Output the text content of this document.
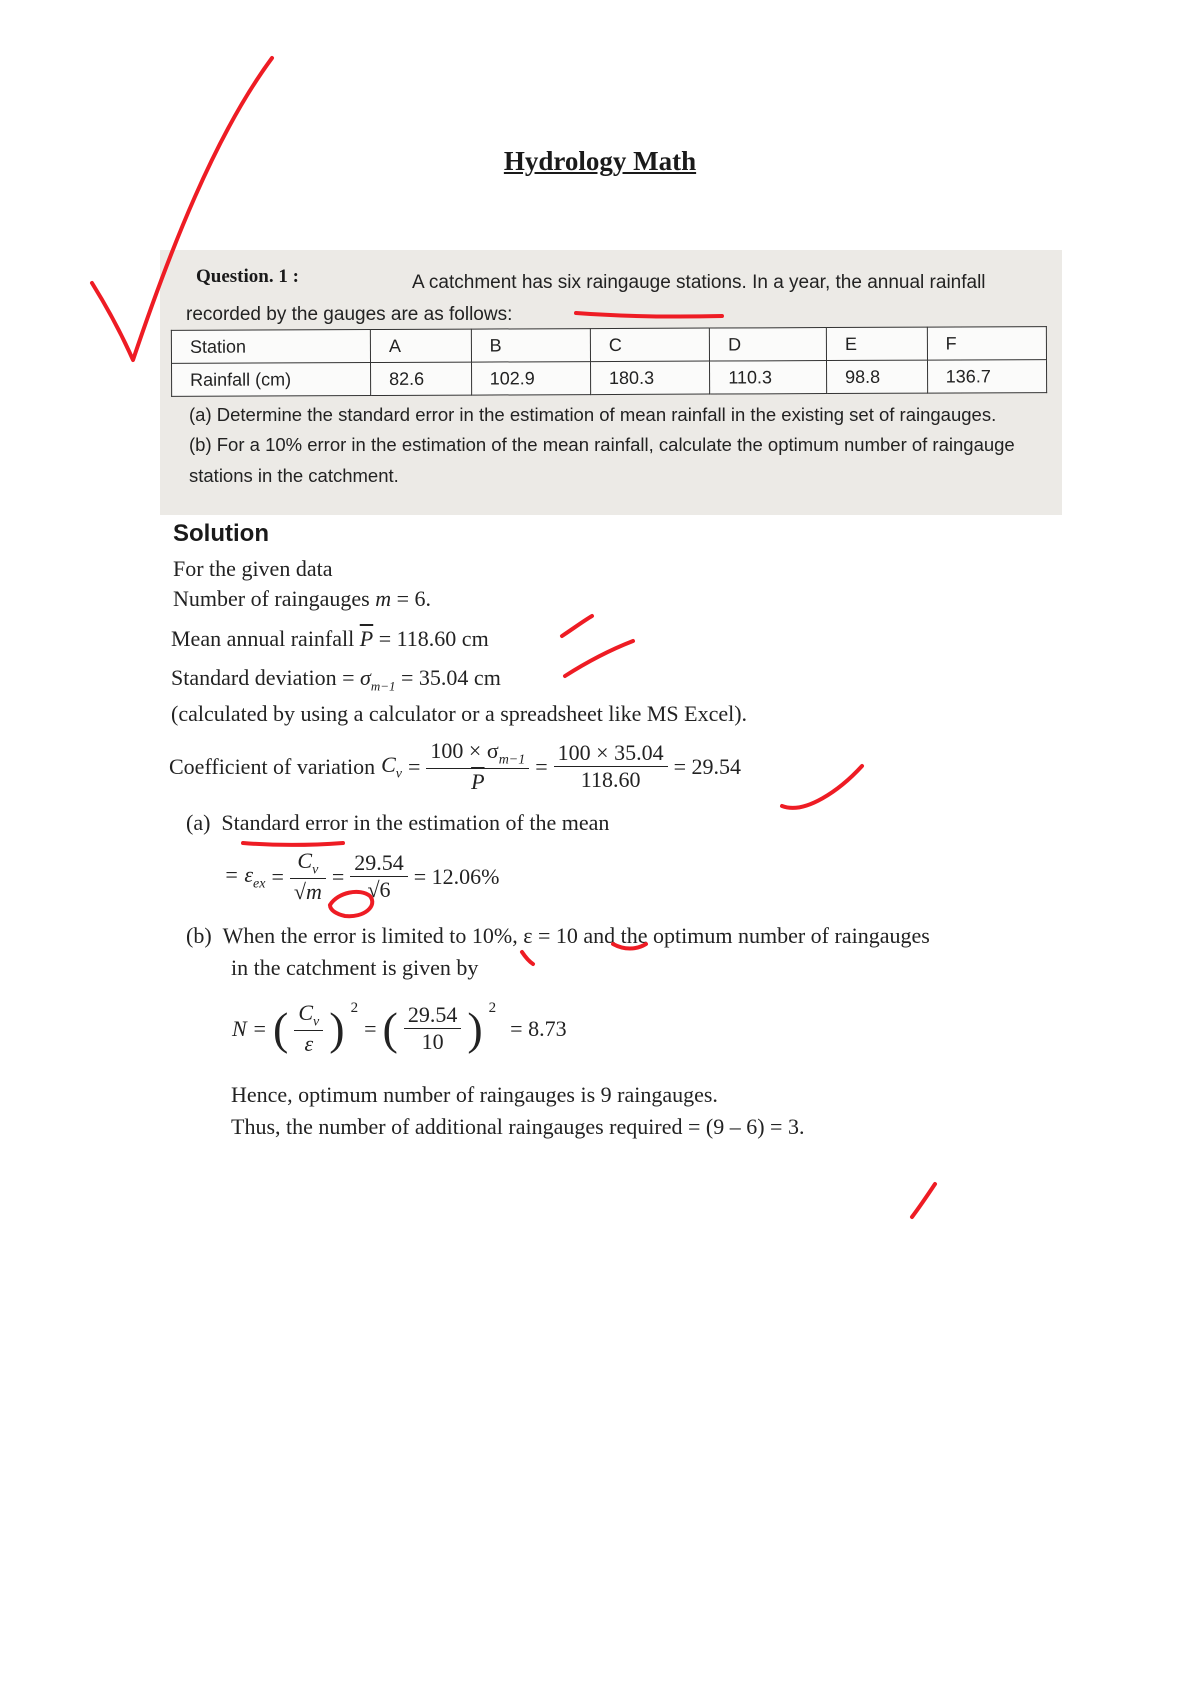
Hydrology Math
Question. 1 :	A catchment has six raingauge stations. In a year, the annual rainfall
recorded by the gauges are as follows:
Station	A	B	C	D	E	F
Rainfall (cm)	82.6	102.9	180.3	110.3	98.8	136.7
(a) Determine the standard error in the estimation of mean rainfall in the existing set of raingauges.
(b) For a 10% error in the estimation of the mean rainfall, calculate the optimum number of raingauge
stations in the catchment.
Solution
For the given data
Number of raingauges m = 6.
Mean annual rainfall $\overline{P} = 118.60$ cm
Standard deviation = $\sigma_{m-1} = 35.04$ cm
(calculated by using a calculator or a spreadsheet like MS Excel).
Coefficient of variation $C_v = \frac{100 \times \sigma_{m-1}}{P} = \frac{100 \times 35.04}{118.60} = 29.54$
(a) Standard error in the estimation of the mean
= $\varepsilon_{ex} = \frac{C_v}{√m} = \frac{29.54}{√6} = 12.06\%$
(b) When the error is limited to 10%, ε = 10 and the optimum number of raingauges
in the catchment is given by
N = ( $\frac{C_v}{\varepsilon}$ ) $^2$
= ( $\frac{29.54}{10}$ ) $^2$
= 8.73
Hence, optimum number of raingauges is 9 raingauges.
Thus, the number of additional raingauges required = (9 – 6) = 3.
